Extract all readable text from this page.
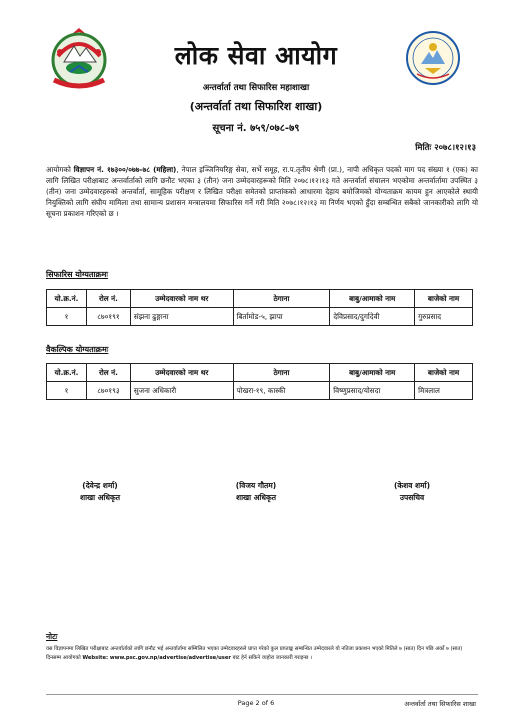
लोक सेवा आयोग
अन्तर्वार्ता तथा सिफारिस महाशाखा
(अन्तर्वार्ता तथा सिफारिश शाखा)
सूचना नं. ७५९/०७८-७९
मितिः २०७८।१२।१३
आयोगको विज्ञापन नं. १७३००/०७७-७८ (महिला), नेपाल इञ्जिनियरिङ्ग सेवा, सर्भे समूह, रा.प.तृतीय श्रेणी (प्रा.), नापी अधिकृत पदको माग पद संख्या १ (एक) का लागि लिखित परीक्षाबाट अन्तर्वार्ताको लागि छनौट भएका ३ (तीन) जना उम्मेदवारहरूको मिति २०७८।१२।१३ गते अन्तर्वार्ता संचालन भएकोमा अन्तर्वार्तामा उपस्थित ३ (तीन) जना उम्मेदवारहरुको अन्तर्वार्ता, सामूहिक परीक्षण र लिखित परीक्षा समेतको प्राप्तांकको आधारमा देहाय बमोजिमको योग्यताक्रम कायम हुन आएकोले स्थायी नियुक्तिको लागि संघीय मामिला तथा सामान्य प्रशासन मन्त्रालयमा सिफारिस गर्ने गरी मिति २०७८।१२।१३ मा निर्णय भएको हुँदा सम्बन्धित सबैको जानकारीको लागि यो सूचना प्रकाशन गरिएको छ ।
सिफारिस योग्यताक्रमः
यो.क्र.नं.	रोल नं.	उम्मेदवारको नाम थर	ठेगाना	बाबु/आमाको नाम	बाजेको नाम
१	८७०१९१	संझना ढुङ्गाना	बिर्तामोड-५, झापा	देविप्रसाद/दुर्गादेवी	गुरुप्रसाद
वैकल्पिक योग्यताक्रमः
यो.क्र.नं.	रोल नं.	उम्मेदवारको नाम थर	ठेगाना	बाबु/आमाको नाम	बाजेको नाम
१	८७०१९३	सुजना अधिकारी	पोखरा-१९, कास्की	विष्णुप्रसाद/योसदा	मित्रलाल
(देवेन्द्र शर्मा)
शाखा अधिकृत
(विजय गौतम)
शाखा अधिकृत
(केशव शर्मा)
उपसचिव
नोटः
यस विज्ञापनमा लिखित परीक्षाबाट अन्तर्वार्ताको लागि छनौट भई अन्तर्वार्तामा सम्मिलित भएका उम्मेदवारहरुले प्राप्त गरेको कुल प्राप्ताङ्क सम्बन्धित उम्मेदवारले यो नतिजा प्रकाशन भएको मितिले ७ (सात) दिन पछि अर्को ७ (सात) दिनसम्म आयोगको Website: www.psc.gov.np/advertise/advertise/user बाट हेर्न सकिने व्यहोरा जानकारी गराइन्छ ।
Page 2 of 6	अन्तर्वार्ता तथा सिफारिस शाखा
